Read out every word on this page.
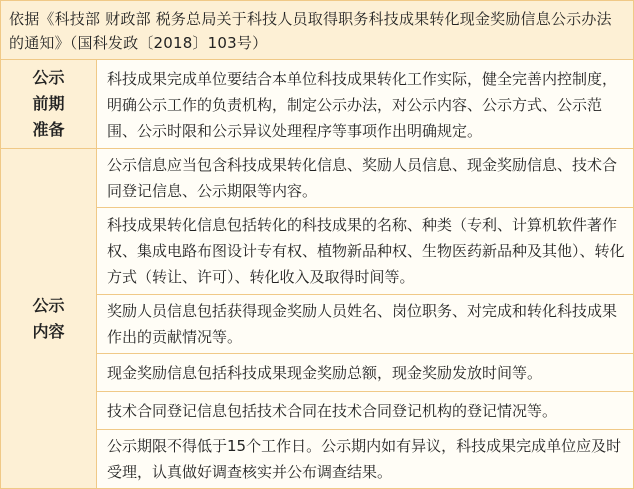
依据《科技部 财政部 税务总局关于科技人员取得职务科技成果转化现金奖励信息公示办法的通知》（国科发政〔2018〕103号）
公示
前期
准备
公示
内容
科技成果完成单位要结合本单位科技成果转化工作实际，健全完善内控制度，明确公示工作的负责机构，制定公示办法，对公示内容、公示方式、公示范围、公示时限和公示异议处理程序等事项作出明确规定。
公示信息应当包含科技成果转化信息、奖励人员信息、现金奖励信息、技术合同登记信息、公示期限等内容。
科技成果转化信息包括转化的科技成果的名称、种类（专利、计算机软件著作权、集成电路布图设计专有权、植物新品种权、生物医药新品种及其他）、转化方式（转让、许可）、转化收入及取得时间等。
奖励人员信息包括获得现金奖励人员姓名、岗位职务、对完成和转化科技成果作出的贡献情况等。
现金奖励信息包括科技成果现金奖励总额，现金奖励发放时间等。
技术合同登记信息包括技术合同在技术合同登记机构的登记情况等。
公示期限不得低于15个工作日。公示期内如有异议，科技成果完成单位应及时受理，认真做好调查核实并公布调查结果。
